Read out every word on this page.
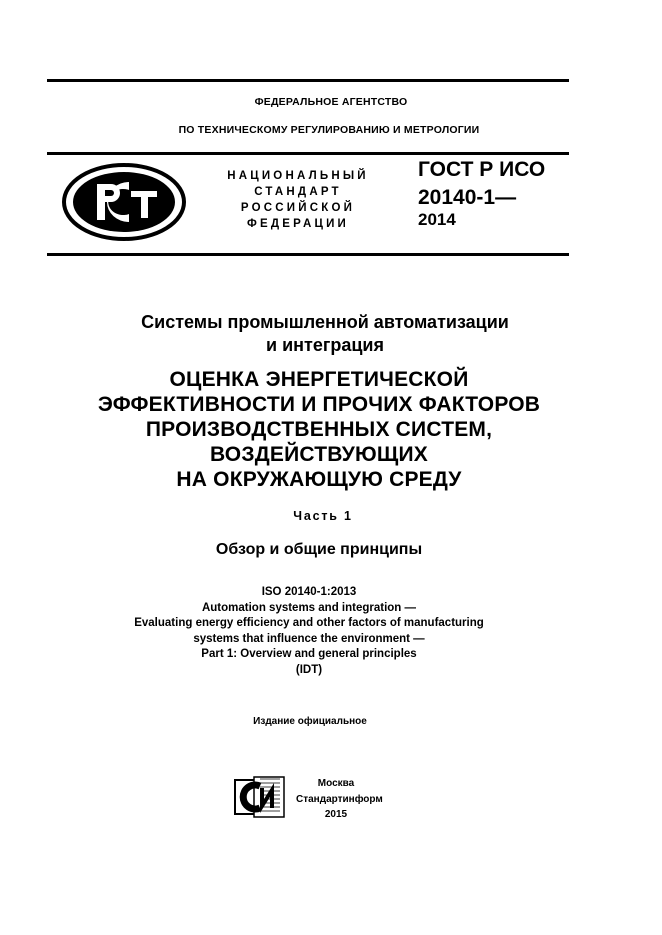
ФЕДЕРАЛЬНОЕ АГЕНТСТВО
ПО ТЕХНИЧЕСКОМУ РЕГУЛИРОВАНИЮ И МЕТРОЛОГИИ
НАЦИОНАЛЬНЫЙ
СТАНДАРТ
РОССИЙСКОЙ
ФЕДЕРАЦИИ
ГОСТ Р ИСО
20140-1—
2014
Системы промышленной автоматизации
и интеграция
ОЦЕНКА ЭНЕРГЕТИЧЕСКОЙ
ЭФФЕКТИВНОСТИ И ПРОЧИХ ФАКТОРОВ
ПРОИЗВОДСТВЕННЫХ СИСТЕМ,
ВОЗДЕЙСТВУЮЩИХ
НА ОКРУЖАЮЩУЮ СРЕДУ
Часть 1
Обзор и общие принципы
ISO 20140-1:2013
Automation systems and integration —
Evaluating energy efficiency and other factors of manufacturing
systems that influence the environment —
Part 1: Overview and general principles
(IDT)
Издание официальное
Москва
Стандартинформ
2015
